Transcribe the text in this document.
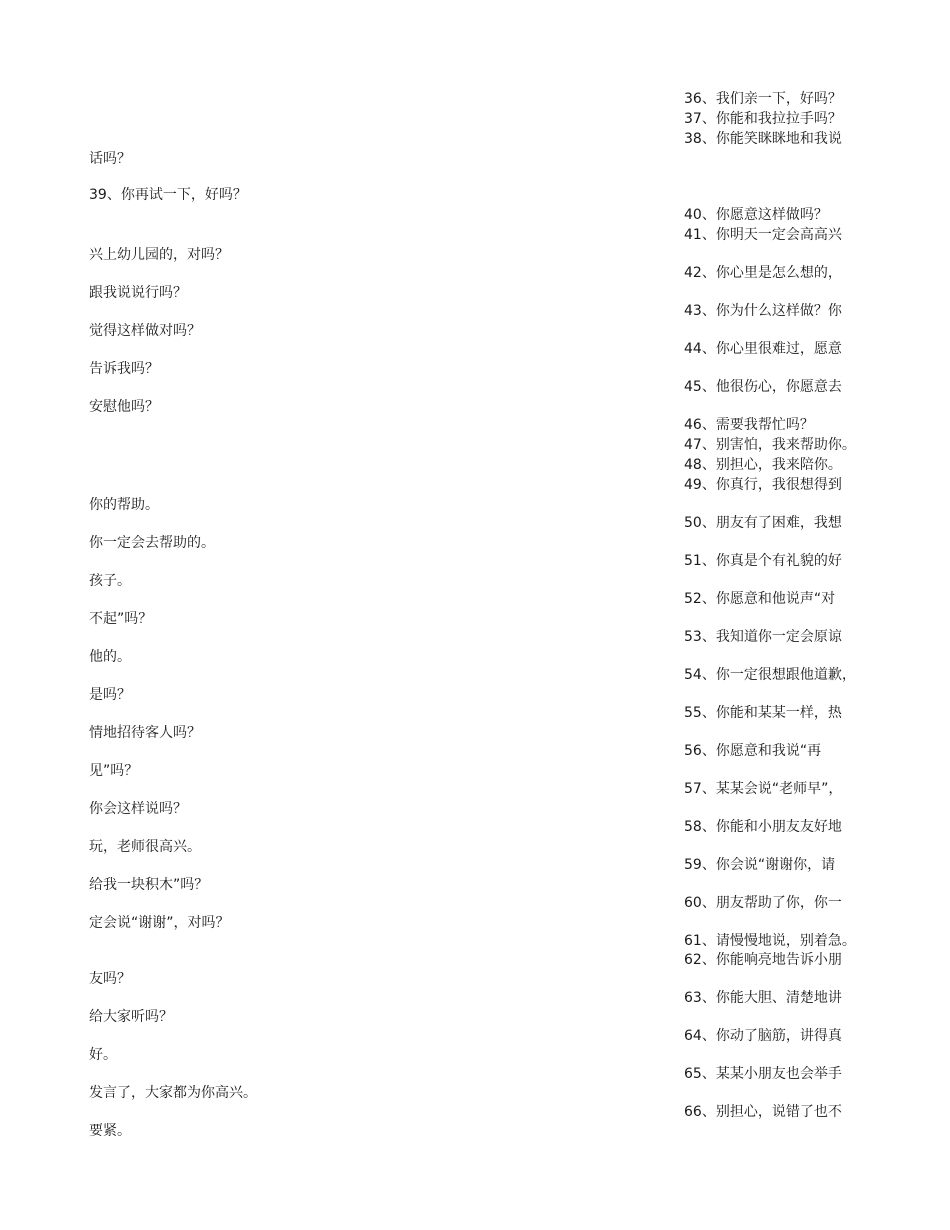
36、我们亲一下，好吗？
37、你能和我拉拉手吗？
38、你能笑眯眯地和我说
40、你愿意这样做吗？
41、你明天一定会高高兴
42、你心里是怎么想的，
43、你为什么这样做？你
44、你心里很难过，愿意
45、他很伤心，你愿意去
46、需要我帮忙吗？
47、别害怕，我来帮助你。
48、别担心，我来陪你。
49、你真行，我很想得到
50、朋友有了困难，我想
51、你真是个有礼貌的好
52、你愿意和他说声“对
53、我知道你一定会原谅
54、你一定很想跟他道歉，
55、你能和某某一样，热
56、你愿意和我说“再
57、某某会说“老师早”，
58、你能和小朋友友好地
59、你会说“谢谢你，请
60、朋友帮助了你，你一
61、请慢慢地说，别着急。
62、你能响亮地告诉小朋
63、你能大胆、清楚地讲
64、你动了脑筋，讲得真
65、某某小朋友也会举手
66、别担心，说错了也不
话吗？
39、你再试一下，好吗？
兴上幼儿园的，对吗？
跟我说说行吗？
觉得这样做对吗？
告诉我吗？
安慰他吗？
你的帮助。
你一定会去帮助的。
孩子。
不起”吗？
他的。
是吗？
情地招待客人吗？
见”吗？
你会这样说吗？
玩，老师很高兴。
给我一块积木”吗？
定会说“谢谢”，对吗？
友吗？
给大家听吗？
好。
发言了，大家都为你高兴。
要紧。
